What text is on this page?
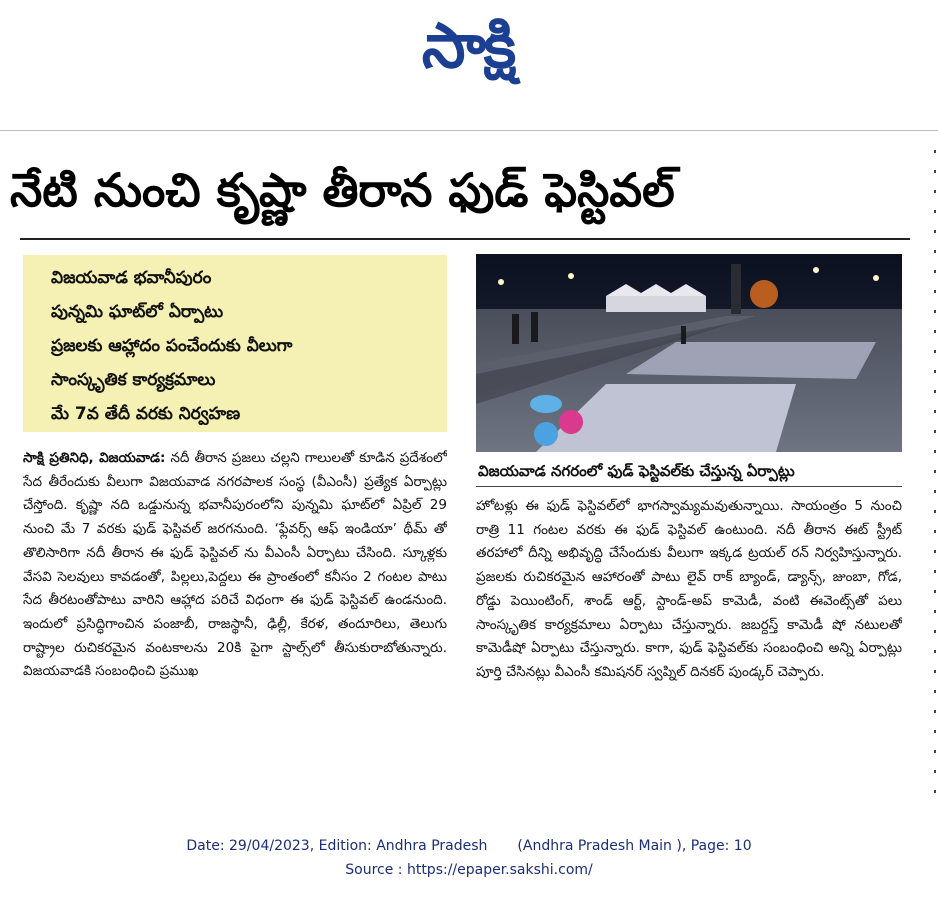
సాక్షి
నేటి నుంచి కృష్ణా తీరాన ఫుడ్ ఫెస్టివల్
విజయవాడ భవానీపురం
పున్నమి ఘాట్‌లో ఏర్పాటు
ప్రజలకు ఆహ్లాదం పంచేందుకు వీలుగా
సాంస్కృతిక కార్యక్రమాలు
మే 7వ తేదీ వరకు నిర్వహణ
విజయవాడ నగరంలో ఫుడ్ ఫెస్టివల్‌కు చేస్తున్న ఏర్పాట్లు
సాక్షి ప్రతినిధి, విజయవాడ: నదీ తీరాన ప్రజలు చల్లని గాలులతో కూడిన ప్రదేశంలో సేద తీరేందుకు వీలుగా విజయవాడ నగరపాలక సంస్థ (వీఎంసీ) ప్రత్యేక ఏర్పాట్లు చేస్తోంది. కృష్ణా నది ఒడ్డునున్న భవానీపురంలోని పున్నమి ఘాట్‌లో ఏప్రిల్ 29 నుంచి మే 7 వరకు ఫుడ్ ఫెస్టివల్ జరగనుంది. ‘ఫ్లేవర్స్ ఆఫ్ ఇండియా’ థీమ్ తో తొలిసారిగా నదీ తీరాన ఈ ఫుడ్ ఫెస్టివల్ ను వీఎంసీ ఏర్పాటు చేసింది. స్కూళ్లకు వేసవి సెలవులు కావడంతో, పిల్లలు,పెద్దలు ఈ ప్రాంతంలో కనీసం 2 గంటల పాటు సేద తీరటంతోపాటు వారిని ఆహ్లాద పరిచే విధంగా ఈ ఫుడ్ ఫెస్టివల్ ఉండనుంది. ఇందులో ప్రసిద్ధిగాంచిన పంజాబీ, రాజస్థానీ, ఢిల్లీ, కేరళ, తందూరిలు, తెలుగు రాష్ట్రాల రుచికరమైన వంటకాలను 20కి పైగా స్టాల్స్‌లో తీసుకురాబోతున్నారు. విజయవాడకి సంబంధించి ప్రముఖ
హోటళ్లు ఈ ఫుడ్ ఫెస్టివల్‌లో భాగస్వామ్యమవుతున్నాయి. సాయంత్రం 5 నుంచి రాత్రి 11 గంటల వరకు ఈ ఫుడ్ ఫెస్టివల్ ఉంటుంది. నదీ తీరాన ఈట్ స్ట్రీట్ తరహాలో దీన్ని అభివృద్ధి చేసేందుకు వీలుగా ఇక్కడ ట్రయల్ రన్ నిర్వహిస్తున్నారు. ప్రజలకు రుచికరమైన ఆహారంతో పాటు లైవ్ రాక్ బ్యాండ్, డ్యాన్స్, జుంబా, గోడ, రోడ్డు పెయింటింగ్, శాండ్ ఆర్ట్, స్టాండ్-అప్ కామెడీ, వంటి ఈవెంట్స్‌తో పలు సాంస్కృతిక కార్యక్రమాలు ఏర్పాటు చేస్తున్నారు. జబర్దస్త్ కామెడీ షో నటులతో కామెడీషో ఏర్పాటు చేస్తున్నారు. కాగా, ఫుడ్ ఫెస్టివల్‌కు సంబంధించి అన్ని ఏర్పాట్లు పూర్తి చేసినట్లు వీఎంసీ కమిషనర్ స్వప్నిల్ దినకర్ పుండ్కర్ చెప్పారు.
Date: 29/04/2023, Edition: Andhra Pradesh (Andhra Pradesh Main ), Page: 10
Source : https://epaper.sakshi.com/
